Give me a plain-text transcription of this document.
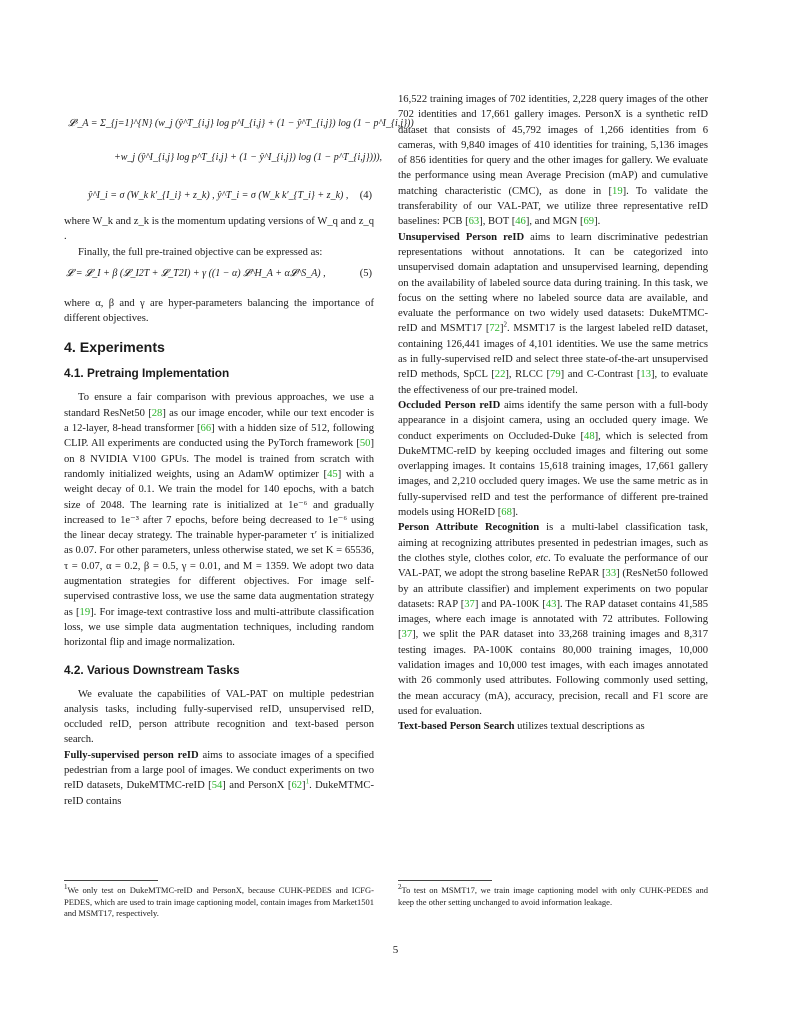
𝓛ˢ_A = Σ_{j=1}^{N} (w_j (ŷ^T_{i,j} log p^I_{i,j} + (1 − ŷ^T_{i,j}) log (1 − p^I_{i,j}))
+w_j (ŷ^I_{i,j} log p^T_{i,j} + (1 − ŷ^I_{i,j}) log (1 − p^T_{i,j}))),
ŷ^I_i = σ (W_k k′_{I_i} + z_k) , ŷ^T_i = σ (W_k k′_{T_i} + z_k) , (4)

where W_k and z_k is the momentum updating versions of W_q and z_q .

Finally, the full pre-trained objective can be expressed as:

𝓛 = 𝓛_I + β (𝓛_I2T + 𝓛_T2I) + γ ((1 − α) 𝓛^H_A + α𝓛^S_A) ,	(5)

where α, β and γ are hyper-parameters balancing the importance of different objectives.

4. Experiments
4.1. Pretraing Implementation

To ensure a fair comparison with previous approaches, we use a standard ResNet50 [28] as our image encoder, while our text encoder is a 12-layer, 8-head transformer [66] with a hidden size of 512, following CLIP. All experiments are conducted using the PyTorch framework [50] on 8 NVIDIA V100 GPUs. The model is trained from scratch with randomly initialized weights, using an AdamW optimizer [45] with a weight decay of 0.1. We train the model for 140 epochs, with a batch size of 2048. The learning rate is initialized at 1e⁻⁶ and gradually increased to 1e⁻³ after 7 epochs, before being decreased to 1e⁻⁶ using the linear decay strategy. The trainable hyper-parameter τ′ is initialized as 0.07. For other parameters, unless otherwise stated, we set K = 65536, τ = 0.07, α = 0.2, β = 0.5, γ = 0.01, and M = 1359. We adopt two data augmentation strategies for different objectives. For image self-supervised contrastive loss, we use the same data augmentation strategy as [19]. For image-text contrastive loss and multi-attribute classification loss, we use simple data augmentation techniques, including random horizontal flip and image normalization.

4.2. Various Downstream Tasks

We evaluate the capabilities of VAL-PAT on multiple pedestrian analysis tasks, including fully-supervised reID, unsupervised reID, occluded reID, person attribute recognition and text-based person search.

Fully-supervised person reID aims to associate images of a specified pedestrian from a large pool of images. We conduct experiments on two reID datasets, DukeMTMC-reID [54] and PersonX [62]$^1$. DukeMTMC-reID contains

$^1$We only test on DukeMTMC-reID and PersonX, because CUHK-PEDES and ICFG-PEDES, which are used to train image captioning model, contain images from Market1501 and MSMT17, respectively.

16,522 training images of 702 identities, 2,228 query images of the other 702 identities and 17,661 gallery images. PersonX is a synthetic reID dataset that consists of 45,792 images of 1,266 identities from 6 cameras, with 9,840 images of 410 identities for training, 5,136 images of 856 identities for query and the other images for gallery. We evaluate the performance using mean Average Precision (mAP) and cumulative matching characteristic (CMC), as done in [19]. To validate the transferability of our VAL-PAT, we utilize three representative reID baselines: PCB [63], BOT [46], and MGN [69].

Unsupervised Person reID aims to learn discriminative pedestrian representations without annotations. It can be categorized into unsupervised domain adaptation and unsupervised learning, depending on the availability of labeled source data during training. In this task, we focus on the setting where no labeled source data are available, and evaluate the performance on two widely used datasets: DukeMTMC-reID and MSMT17 $[72]^2$. MSMT17 is the largest labeled reID dataset, containing 126,441 images of 4,101 identities. We use the same metrics as in fully-supervised reID and select three state-of-the-art unsupervised reID methods, SpCL [22], RLCC [79] and C-Contrast [13], to evaluate the effectiveness of our pre-trained model.

Occluded Person reID aims identify the same person with a full-body appearance in a disjoint camera, using an occluded query image. We conduct experiments on Occluded-Duke [48], which is selected from DukeMTMC-reID by keeping occluded images and filtering out some overlapping images. It contains 15,618 training images, 17,661 gallery images, and 2,210 occluded query images. We use the same metric as in fully-supervised reID and test the performance of different pre-trained models using HOReID [68].

Person Attribute Recognition is a multi-label classification task, aiming at recognizing attributes presented in pedestrian images, such as the clothes style, clothes color, etc. To evaluate the performance of our VAL-PAT, we adopt the strong baseline RePAR [33] (ResNet50 followed by an attribute classifier) and implement experiments on two popular datasets: RAP [37] and PA-100K [43]. The RAP dataset contains 41,585 images, where each image is annotated with 72 attributes. Following [37], we split the PAR dataset into 33,268 training images and 8,317 testing images. PA-100K contains 80,000 training images, 10,000 validation images and 10,000 test images, with each images annotated with 26 commonly used attributes. Following commonly used setting, the mean accuracy (mA), accuracy, precision, recall and F1 score are used for evaluation.

Text-based Person Search utilizes textual descriptions as

$^2$To test on MSMT17, we train image captioning model with only CUHK-PEDES and keep the other setting unchanged to avoid information leakage.
5
